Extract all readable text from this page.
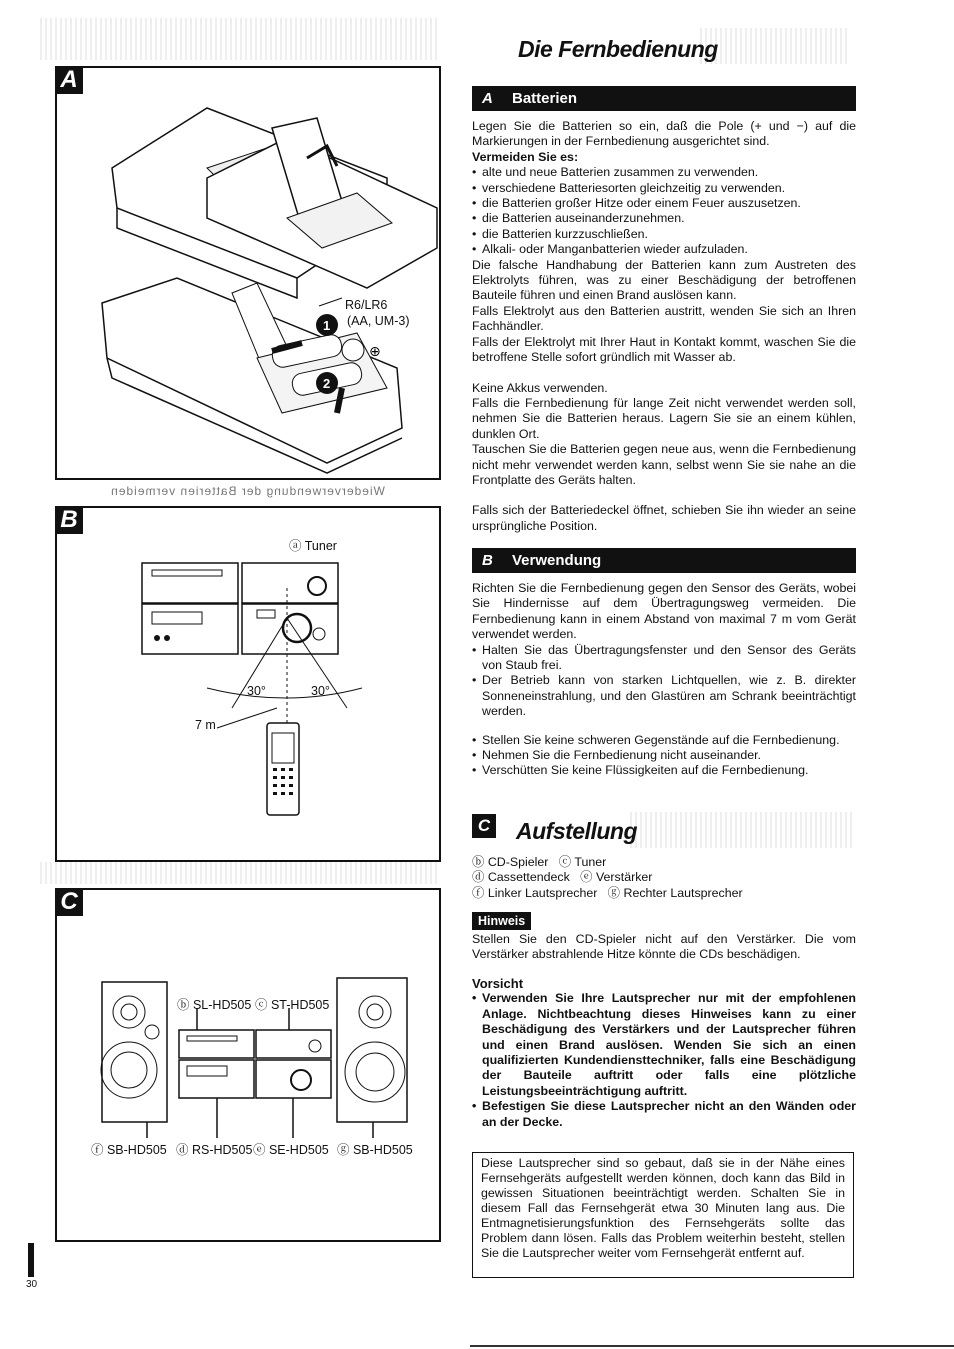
A
⊕
R6/LR6
(AA, UM-3)
1
2
Wiederverwendung der Batterien vermeiden
B
ⓐ Tuner
30°	30°
7 m
C
ⓑ SL-HD505 ⓒ ST-HD505
ⓕ SB-HD505 ⓓ RS-HD505 ⓔ SE-HD505 ⓖ SB-HD505
30
Die Fernbedienung
A Batterien

Legen Sie die Batterien so ein, daß die Pole (+ und −) auf die Markierungen in der Fernbedienung ausgerichtet sind.

Vermeiden Sie es:

• alte und neue Batterien zusammen zu verwenden.
• verschiedene Batteriesorten gleichzeitig zu verwenden.
• die Batterien großer Hitze oder einem Feuer auszusetzen.
• die Batterien auseinanderzunehmen.
• die Batterien kurzzuschließen.
• Alkali- oder Manganbatterien wieder aufzuladen.

Die falsche Handhabung der Batterien kann zum Austreten des Elektrolyts führen, was zu einer Beschädigung der betroffenen Bauteile führen und einen Brand auslösen kann.

Falls Elektrolyt aus den Batterien austritt, wenden Sie sich an Ihren Fachhändler.

Falls der Elektrolyt mit Ihrer Haut in Kontakt kommt, waschen Sie die betroffene Stelle sofort gründlich mit Wasser ab.

Keine Akkus verwenden.

Falls die Fernbedienung für lange Zeit nicht verwendet werden soll, nehmen Sie die Batterien heraus. Lagern Sie sie an einem kühlen, dunklen Ort.

Tauschen Sie die Batterien gegen neue aus, wenn die Fernbedienung nicht mehr verwendet werden kann, selbst wenn Sie sie nahe an die Frontplatte des Geräts halten.

Falls sich der Batteriedeckel öffnet, schieben Sie ihn wieder an seine ursprüngliche Position.

B Verwendung

Richten Sie die Fernbedienung gegen den Sensor des Geräts, wobei Sie Hindernisse auf dem Übertragungsweg vermeiden. Die Fernbedienung kann in einem Abstand von maximal 7 m vom Gerät verwendet werden.

• Halten Sie das Übertragungsfenster und den Sensor des Geräts von Staub frei.
• Der Betrieb kann von starken Lichtquellen, wie z. B. direkter Sonneneinstrahlung, und den Glastüren am Schrank beeinträchtigt werden.

• Stellen Sie keine schweren Gegenstände auf die Fernbedienung.
• Nehmen Sie die Fernbedienung nicht auseinander.
• Verschütten Sie keine Flüssigkeiten auf die Fernbedienung.
C Aufstellung

ⓑ CD-Spieler   ⓒ Tuner

ⓓ Cassettendeck   ⓔ Verstärker

ⓕ Linker Lautsprecher   ⓖ Rechter Lautsprecher

Hinweis

Stellen Sie den CD-Spieler nicht auf den Verstärker. Die vom Verstärker abstrahlende Hitze könnte die CDs beschädigen.

Vorsicht

• Verwenden Sie Ihre Lautsprecher nur mit der empfohlenen Anlage. Nichtbeachtung dieses Hinweises kann zu einer Beschädigung des Verstärkers und der Lautsprecher führen und einen Brand auslösen. Wenden Sie sich an einen qualifizierten Kundendiensttechniker, falls eine Beschädigung der Bauteile auftritt oder falls eine plötzliche Leistungsbeeinträchtigung auftritt.
• Befestigen Sie diese Lautsprecher nicht an den Wänden oder an der Decke.
Diese Lautsprecher sind so gebaut, daß sie in der Nähe eines Fernsehgeräts aufgestellt werden können, doch kann das Bild in gewissen Situationen beeinträchtigt werden. Schalten Sie in diesem Fall das Fernsehgerät etwa 30 Minuten lang aus. Die Entmagnetisierungsfunktion des Fernsehgeräts sollte das Problem dann lösen. Falls das Problem weiterhin besteht, stellen Sie die Lautsprecher weiter vom Fernsehgerät entfernt auf.
